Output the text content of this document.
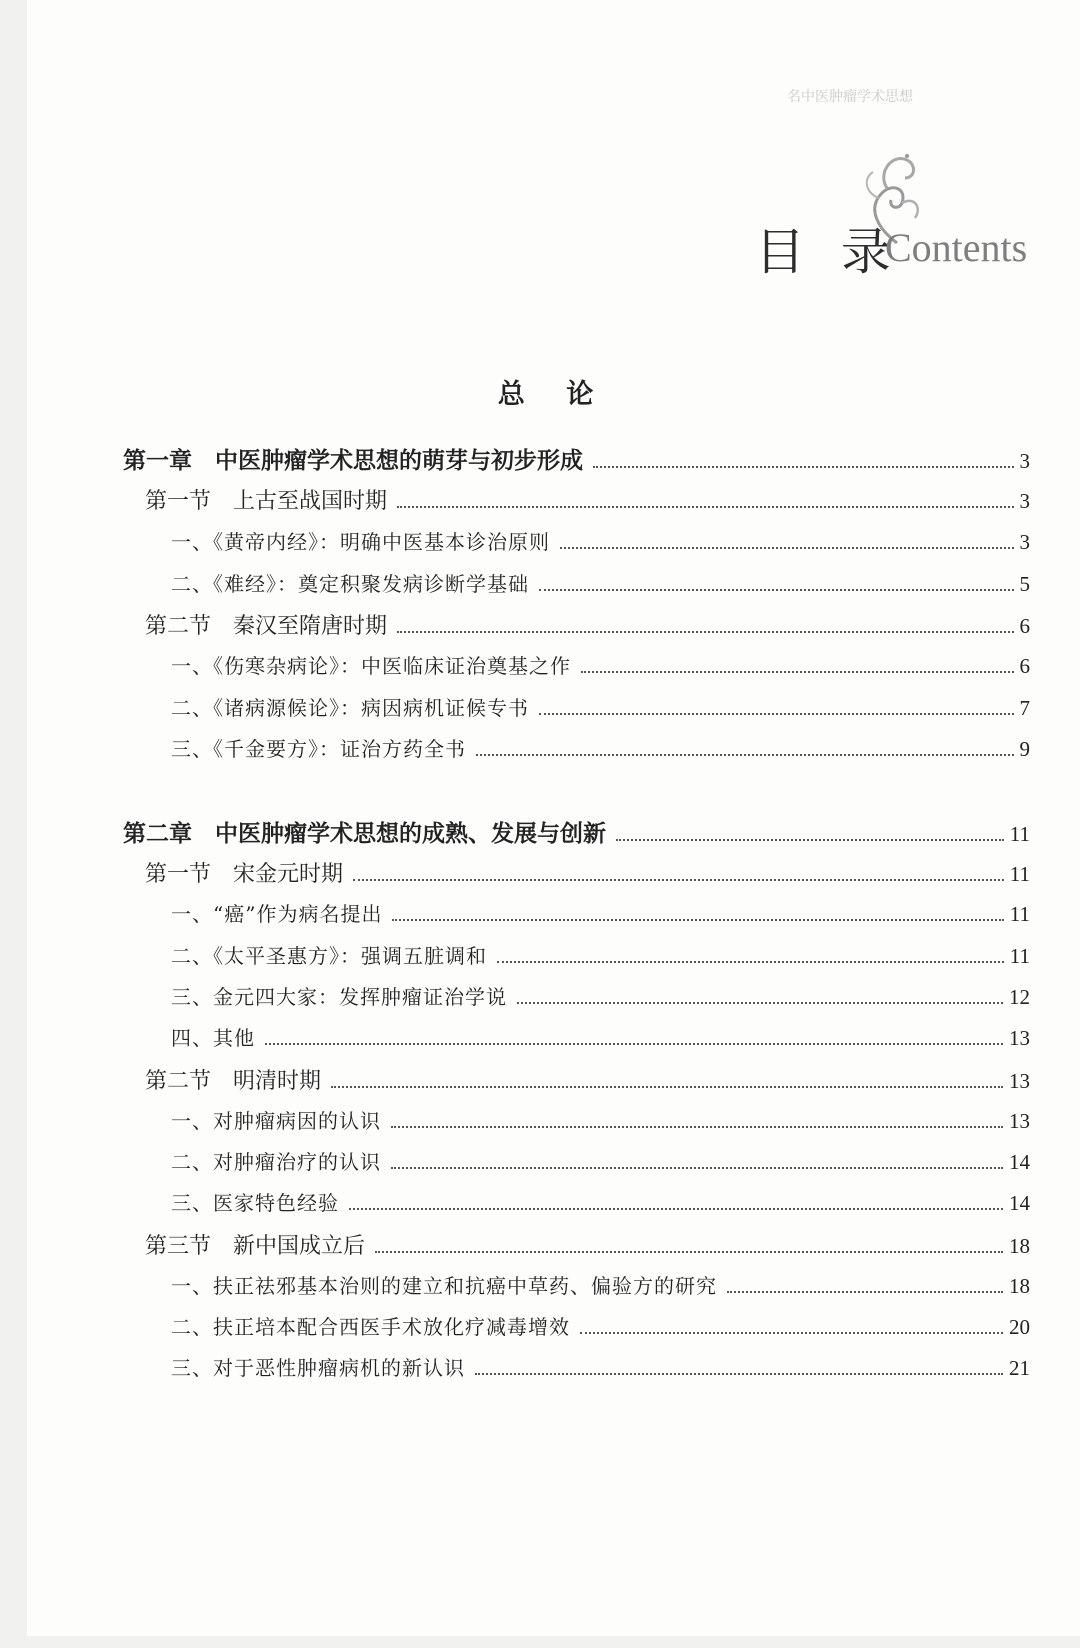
名中医肿瘤学术思想
目 录
Contents
总 论
第一章　中医肿瘤学术思想的萌芽与初步形成	3
第一节　上古至战国时期	3
一、《黄帝内经》：明确中医基本诊治原则	3
二、《难经》：奠定积聚发病诊断学基础	5
第二节　秦汉至隋唐时期	6
一、《伤寒杂病论》：中医临床证治奠基之作	6
二、《诸病源候论》：病因病机证候专书	7
三、《千金要方》：证治方药全书	9
第二章　中医肿瘤学术思想的成熟、发展与创新	11
第一节　宋金元时期	11
一、“癌”作为病名提出	11
二、《太平圣惠方》：强调五脏调和	11
三、金元四大家：发挥肿瘤证治学说	12
四、其他	13
第二节　明清时期	13
一、对肿瘤病因的认识	13
二、对肿瘤治疗的认识	14
三、医家特色经验	14
第三节　新中国成立后	18
一、扶正祛邪基本治则的建立和抗癌中草药、偏验方的研究	18
二、扶正培本配合西医手术放化疗减毒增效	20
三、对于恶性肿瘤病机的新认识	21
